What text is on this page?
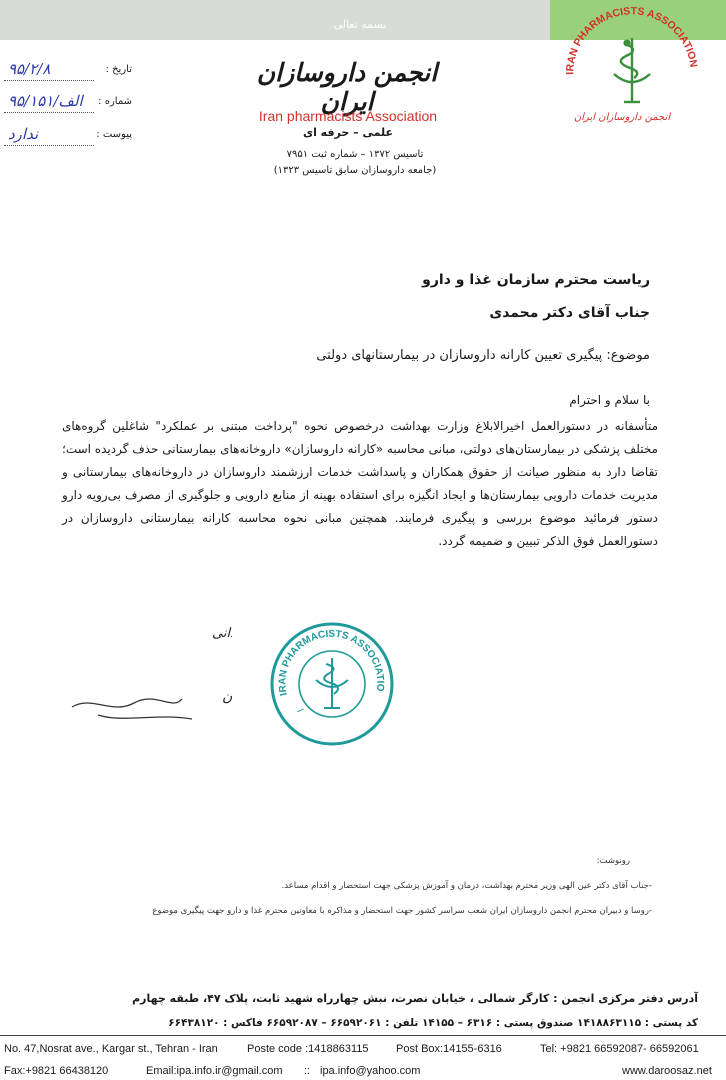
بسمه تعالی
IRAN PHARMACISTS ASSOCIATION
انجمن داروسازان ایران
انجمن داروسازان ایران
Iran pharmacists Association
علمی – حرفه ای
تاسیس ۱۳۷۲ – شماره ثبت ۷۹۵۱
(جامعه داروسازان سابق تاسیس ۱۳۲۳)
تاریخ :
۹۵/۲/۸
شماره :
۹۵/الف/۱۵۱
پیوست :
ندارد
ریاست محترم سازمان غذا و دارو
جناب آقای دکتر محمدی
موضوع: پیگیری تعیین کارانه داروسازان در بیمارستانهای دولتی
با سلام و احترام
متأسفانه در دستورالعمل اخیرالابلاغ وزارت بهداشت درخصوص نحوه "پرداخت مبتنی بر عملکرد" شاغلین گروه‌های مختلف پزشکی در بیمارستان‌های دولتی، مبانی محاسبه «کارانه داروسازان» داروخانه‌های بیمارستانی حذف گردیده است؛ تقاضا دارد به منظور صیانت از حقوق همکاران و پاسداشت خدمات ارزشمند داروسازان در داروخانه‌های بیمارستانی و مدیریت خدمات دارویی بیمارستان‌ها و ایجاد انگیزه برای استفاده بهینه از منابع دارویی و جلوگیری از مصرف بی‌رویه دارو دستور فرمائید موضوع بررسی و پیگیری فرمایند. همچنین مبانی نحوه محاسبه کارانه بیمارستانی داروسازان در دستورالعمل فوق الذکر تبیین و ضمیمه گردد.
انی
ن	IRAN PHARMACISTS ASSOCIATIO
ا
رونوشت:
-جناب آقای دکتر عین الهی وزیر محترم بهداشت، درمان و آموزش پزشکی جهت استحضار و اقدام مساعد.
-روسا و دبیران محترم انجمن داروسازان ایران شعب سراسر کشور جهت استحضار و مذاکره با معاونین محترم غذا و دارو جهت پیگیری موضوع
آدرس دفتر مرکزی انجمن : کارگر شمالی ، خیابان نصرت، نبش چهارراه شهید ثابت، پلاک ۴۷، طبقه چهارم
کد پستی : ۱۴۱۸۸۶۳۱۱۵ صندوق پستی : ۶۳۱۶ – ۱۴۱۵۵ تلفن : ۶۶۵۹۲۰۶۱ – ۶۶۵۹۲۰۸۷ فاکس : ۶۶۴۳۸۱۲۰
No. 47,Nosrat ave., Kargar st., Tehran - Iran	Poste code :1418863115 Post Box:14155-6316	Tel: +9821 66592087- 66592061
Fax:+9821 66438120	Email:ipa.info.ir@gmail.com :: ipa.info@yahoo.com	www.daroosaz.net
